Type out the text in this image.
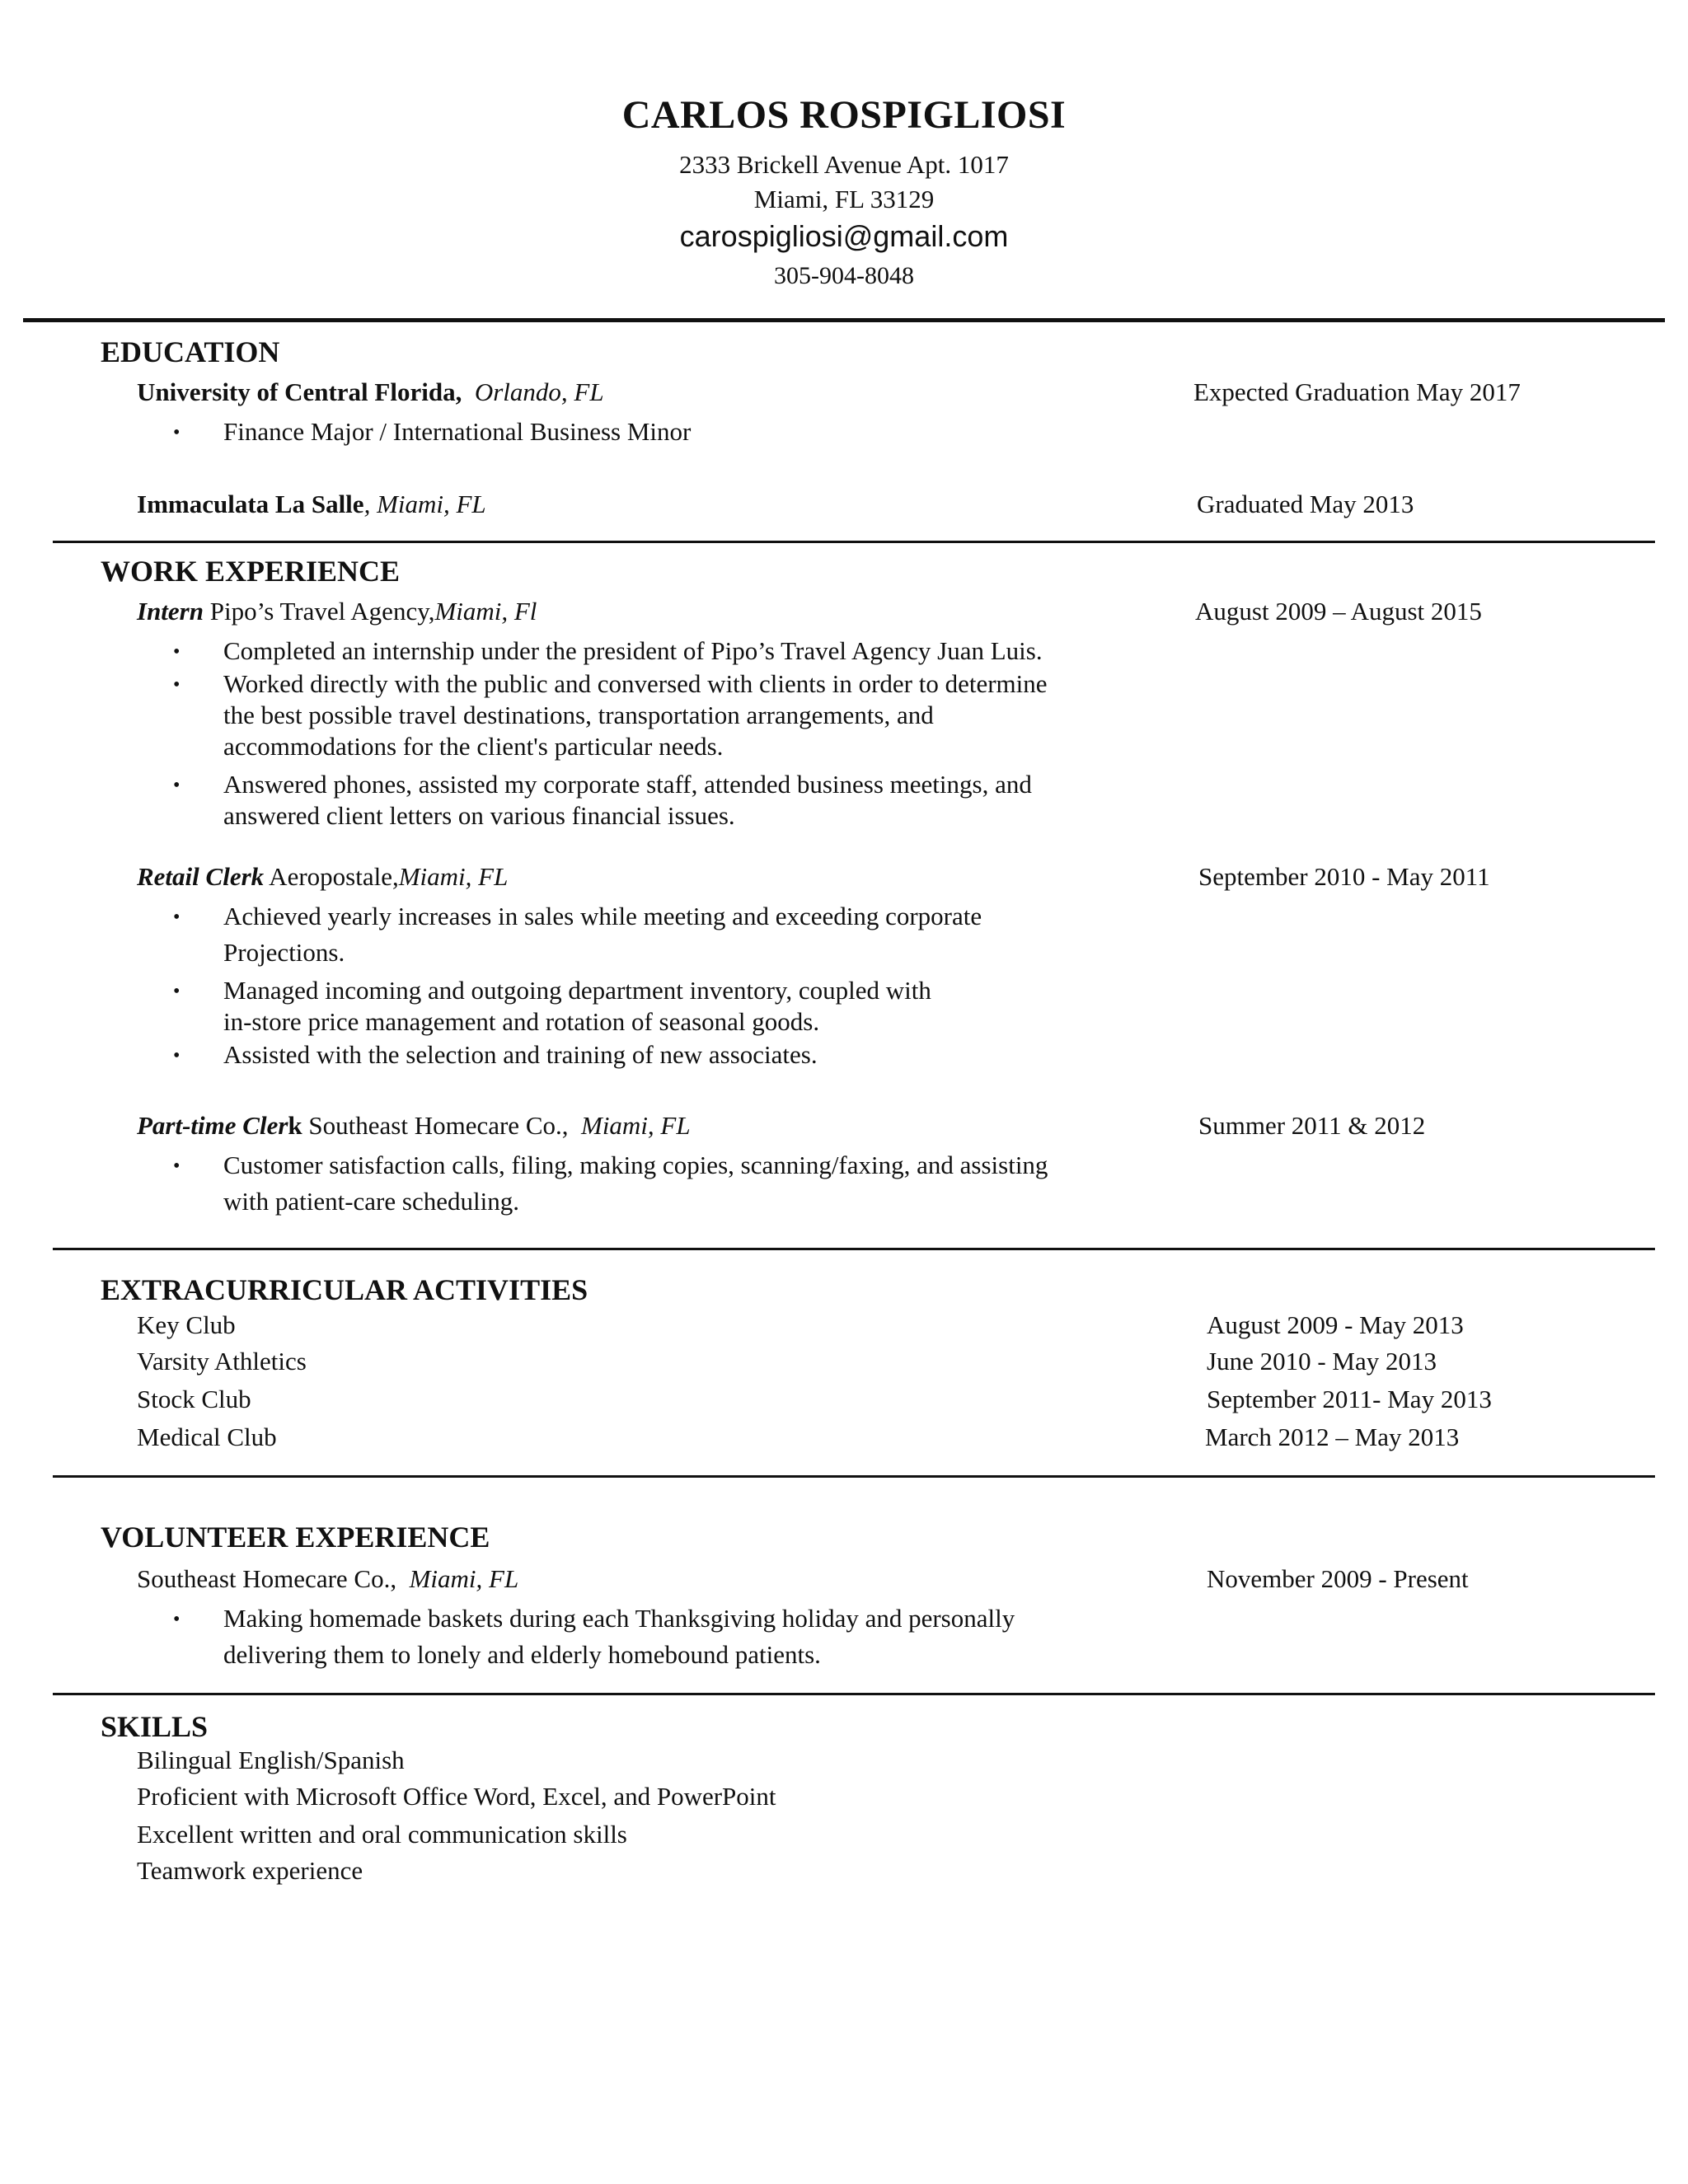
CARLOS ROSPIGLIOSI
2333 Brickell Avenue Apt. 1017
Miami, FL 33129
carospigliosi@gmail.com
305-904-8048
EDUCATION
University of Central Florida, Orlando, FL	Expected Graduation May 2017
• Finance Major / International Business Minor
Immaculata La Salle, Miami, FL	Graduated May 2013
WORK EXPERIENCE
Intern Pipo’s Travel Agency,Miami, Fl	August 2009 – August 2015
• Completed an internship under the president of Pipo’s Travel Agency Juan Luis.
• Worked directly with the public and conversed with clients in order to determine
the best possible travel destinations, transportation arrangements, and
accommodations for the client's particular needs.
• Answered phones, assisted my corporate staff, attended business meetings, and
answered client letters on various financial issues.
Retail Clerk Aeropostale,Miami, FL	September 2010 - May 2011
• Achieved yearly increases in sales while meeting and exceeding corporate
Projections.
• Managed incoming and outgoing department inventory, coupled with
in-store price management and rotation of seasonal goods.
• Assisted with the selection and training of new associates.
Part-time Clerk Southeast Homecare Co., Miami, FL	Summer 2011 & 2012
• Customer satisfaction calls, filing, making copies, scanning/faxing, and assisting
with patient-care scheduling.
EXTRACURRICULAR ACTIVITIES
Key Club	August 2009 - May 2013
Varsity Athletics	June 2010 - May 2013
Stock Club	September 2011- May 2013
Medical Club	March 2012 – May 2013
VOLUNTEER EXPERIENCE
Southeast Homecare Co., Miami, FL	November 2009 - Present
• Making homemade baskets during each Thanksgiving holiday and personally
delivering them to lonely and elderly homebound patients.
SKILLS
Bilingual English/Spanish
Proficient with Microsoft Office Word, Excel, and PowerPoint
Excellent written and oral communication skills
Teamwork experience
